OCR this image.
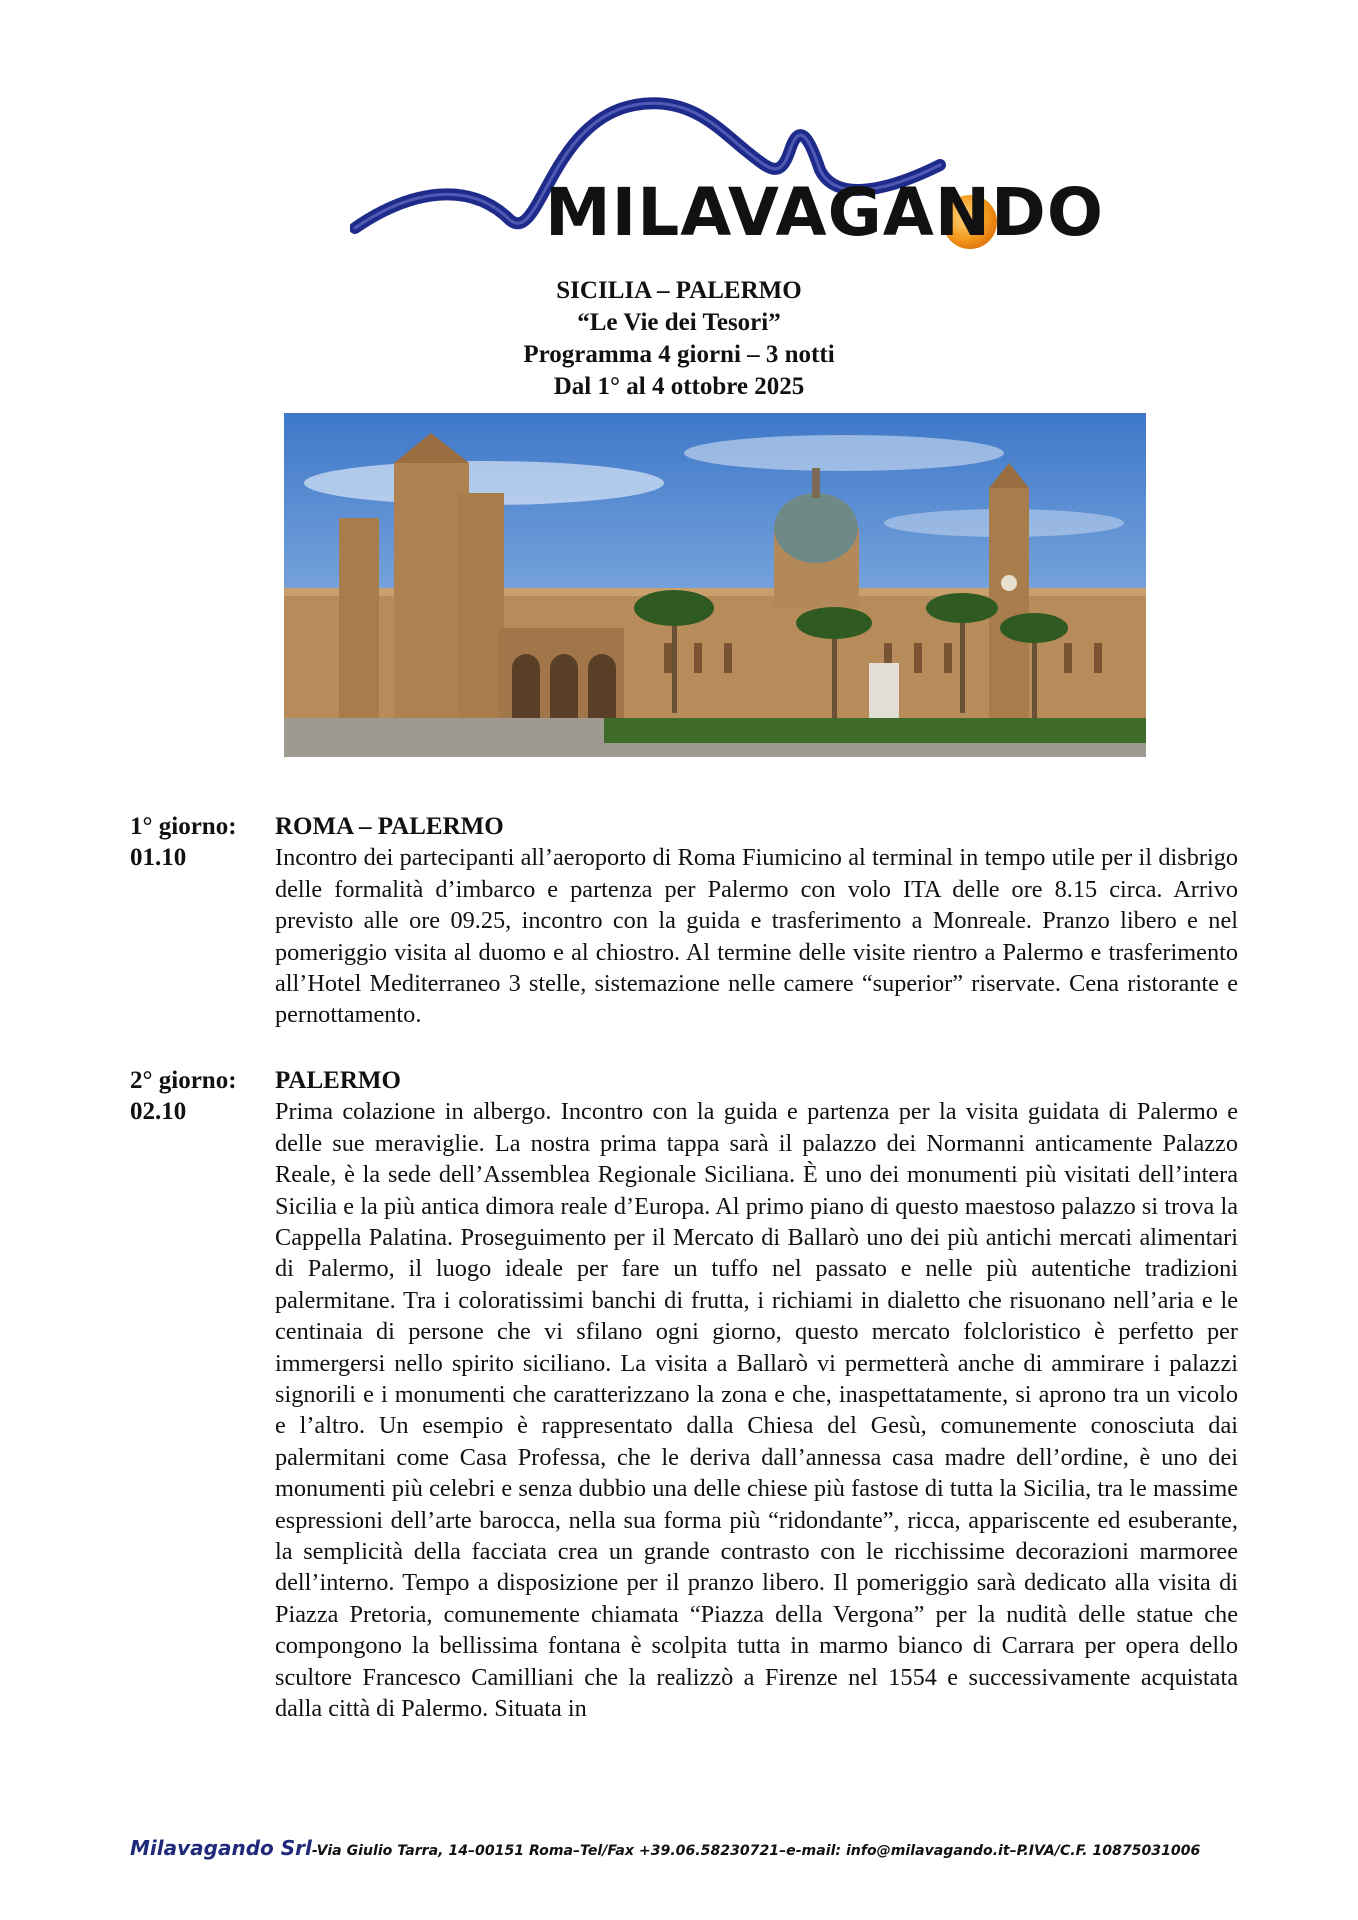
MILAVAGANDO
SICILIA – PALERMO
“Le Vie dei Tesori”
Programma 4 giorni – 3 notti
Dal 1° al 4 ottobre 2025
1° giorno:
01.10
ROMA – PALERMO
Incontro dei partecipanti all’aeroporto di Roma Fiumicino al terminal in tempo utile per il disbrigo delle formalità d’imbarco e partenza per Palermo con volo ITA delle ore 8.15 circa. Arrivo previsto alle ore 09.25, incontro con la guida e trasferimento a Monreale. Pranzo libero e nel pomeriggio visita al duomo e al chiostro. Al termine delle visite rientro a Palermo e trasferimento all’Hotel Mediterraneo 3 stelle, sistemazione nelle camere “superior” riservate. Cena ristorante e pernottamento.
2° giorno:
02.10
PALERMO
Prima colazione in albergo. Incontro con la guida e partenza per la visita guidata di Palermo e delle sue meraviglie. La nostra prima tappa sarà il palazzo dei Normanni anticamente Palazzo Reale, è la sede dell’Assemblea Regionale Siciliana. È uno dei monumenti più visitati dell’intera Sicilia e la più antica dimora reale d’Europa. Al primo piano di questo maestoso palazzo si trova la Cappella Palatina. Proseguimento per il Mercato di Ballarò uno dei più antichi mercati alimentari di Palermo, il luogo ideale per fare un tuffo nel passato e nelle più autentiche tradizioni palermitane. Tra i coloratissimi banchi di frutta, i richiami in dialetto che risuonano nell’aria e le centinaia di persone che vi sfilano ogni giorno, questo mercato folcloristico è perfetto per immergersi nello spirito siciliano. La visita a Ballarò vi permetterà anche di ammirare i palazzi signorili e i monumenti che caratterizzano la zona e che, inaspettatamente, si aprono tra un vicolo e l’altro. Un esempio è rappresentato dalla Chiesa del Gesù, comunemente conosciuta dai palermitani come Casa Professa, che le deriva dall’annessa casa madre dell’ordine, è uno dei monumenti più celebri e senza dubbio una delle chiese più fastose di tutta la Sicilia, tra le massime espressioni dell’arte barocca, nella sua forma più “ridondante”, ricca, appariscente ed esuberante, la semplicità della facciata crea un grande contrasto con le ricchissime decorazioni marmoree dell’interno. Tempo a disposizione per il pranzo libero. Il pomeriggio sarà dedicato alla visita di Piazza Pretoria, comunemente chiamata “Piazza della Vergona” per la nudità delle statue che compongono la bellissima fontana è scolpita tutta in marmo bianco di Carrara per opera dello scultore Francesco Camilliani che la realizzò a Firenze nel 1554 e successivamente acquistata dalla città di Palermo. Situata in
Milavagando Srl-Via Giulio Tarra, 14–00151 Roma–Tel/Fax +39.06.58230721–e-mail: info@milavagando.it–P.IVA/C.F. 10875031006
